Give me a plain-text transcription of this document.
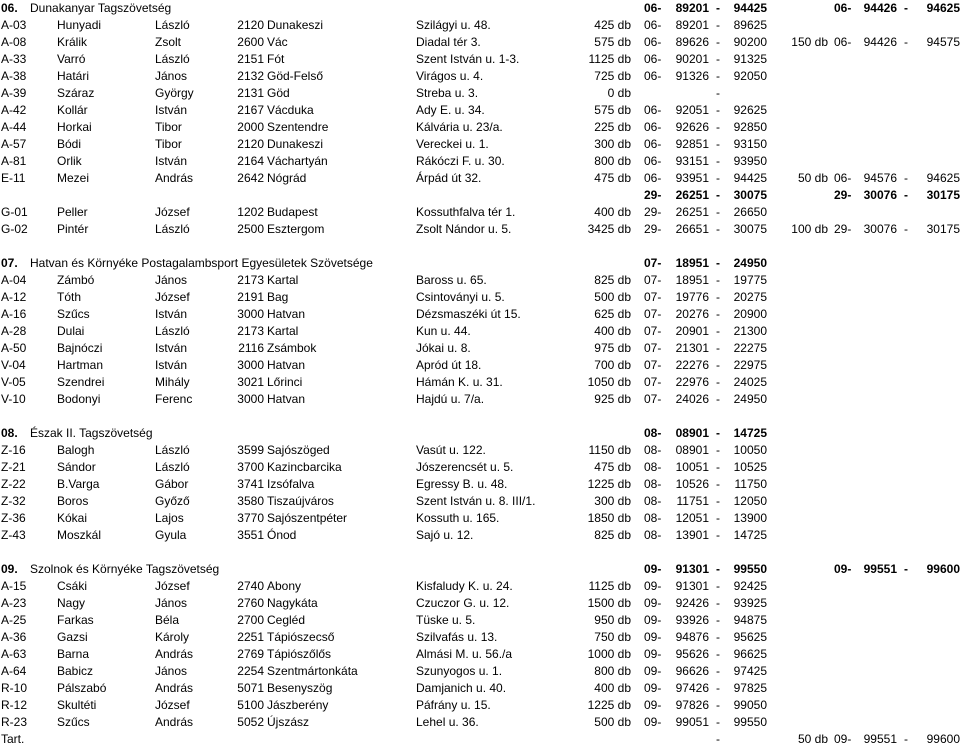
06. Dunakanyar Tagszövetség	06-	89201 -	94425	06- 94426 -	94625
A-03	Hunyadi	László	2120 Dunakeszi	Szilágyi u. 48.	425 db 06-	89201 -	89625
A-08	Králik	Zsolt	2600 Vác	Diadal tér 3.	575 db 06-	89626 -	90200	150 db 06- 94426 -	94575
A-33	Varró	László	2151 Fót	Szent István u. 1-3.	1125 db 06-	90201 -	91325
A-38	Határi	János	2132 Göd-Felső	Virágos u. 4.	725 db 06-	91326 -	92050
A-39	Száraz	György	2131 Göd	Streba u. 3.	0 db	-
A-42	Kollár	István	2167 Vácduka	Ady E. u. 34.	575 db 06-	92051 -	92625
A-44	Horkai	Tibor	2000 Szentendre	Kálvária u. 23/a.	225 db 06-	92626 -	92850
A-57	Bódi	Tibor	2120 Dunakeszi	Vereckei u. 1.	300 db 06-	92851 -	93150
A-81	Orlik	István	2164 Váchartyán	Rákóczi F. u. 30.	800 db 06-	93151 -	93950
E-11	Mezei	András	2642 Nógrád	Árpád út 32.	475 db 06-	93951 -	94425	50 db 06- 94576 -	94625
29-	26251 -	30075	29- 30076 -	30175
G-01 Peller	József	1202 Budapest	Kossuthfalva tér 1.	400 db 29-	26251 -	26650
G-02 Pintér	László	2500 Esztergom	Zsolt Nándor u. 5.	3425 db 29-	26651 -	30075	100 db 29- 30076 -	30175
07. Hatvan és Környéke Postagalambsport Egyesületek Szövetsége	07-	18951 -	24950
A-04	Zámbó	János	2173 Kartal	Baross u. 65.	825 db 07-	18951 -	19775
A-12	Tóth	József	2191 Bag	Csintoványi u. 5.	500 db 07-	19776 -	20275
A-16	Szűcs	István	3000 Hatvan	Dézsmaszéki út 15.	625 db 07-	20276 -	20900
A-28	Dulai	László	2173 Kartal	Kun u. 44.	400 db 07-	20901 -	21300
A-50	Bajnóczi	István	2116 Zsámbok	Jókai u. 8.	975 db 07-	21301 -	22275
V-04	Hartman	István	3000 Hatvan	Apród út 18.	700 db 07-	22276 -	22975
V-05	Szendrei	Mihály	3021 Lőrinci	Hámán K. u. 31.	1050 db 07-	22976 -	24025
V-10	Bodonyi	Ferenc	3000 Hatvan	Hajdú u. 7/a.	925 db 07-	24026 -	24950
08. Észak II. Tagszövetség	08-	08901 -	14725
Z-16	Balogh	László	3599 Sajószöged	Vasút u. 122.	1150 db 08-	08901 -	10050
Z-21	Sándor	László	3700 Kazincbarcika	Jószerencsét u. 5.	475 db 08-	10051 -	10525
Z-22	B.Varga	Gábor	3741 Izsófalva	Egressy B. u. 48.	1225 db 08-	10526 -	11750
Z-32	Boros	Győző	3580 Tiszaújváros	Szent István u. 8. III/1.	300 db 08-	11751 -	12050
Z-36	Kókai	Lajos	3770 Sajószentpéter	Kossuth u. 165.	1850 db 08-	12051 -	13900
Z-43	Moszkál	Gyula	3551 Ónod	Sajó u. 12.	825 db 08-	13901 -	14725
09. Szolnok és Környéke Tagszövetség	09-	91301 -	99550	09- 99551 -	99600
A-15	Csáki	József	2740 Abony	Kisfaludy K. u. 24.	1125 db 09-	91301 -	92425
A-23	Nagy	János	2760 Nagykáta	Czuczor G. u. 12.	1500 db 09-	92426 -	93925
A-25	Farkas	Béla	2700 Cegléd	Tüske u. 5.	950 db 09-	93926 -	94875
A-36	Gazsi	Károly	2251 Tápiószecső	Szilvafás u. 13.	750 db 09-	94876 -	95625
A-63	Barna	András	2769 Tápiószőlős	Almási M. u. 56./a	1000 db 09-	95626 -	96625
A-64	Babicz	János	2254 Szentmártonkáta	Szunyogos u. 1.	800 db 09-	96626 -	97425
R-10 Pálszabó	András	5071 Besenyszög	Damjanich u. 40.	400 db 09-	97426 -	97825
R-12 Skultéti	József	5100 Jászberény	Páfrány u. 15.	1225 db 09-	97826 -	99050
R-23 Szűcs	András	5052 Újszász	Lehel u. 36.	500 db 09-	99051 -	99550
Tart.	-	50 db 09- 99551 -	99600
